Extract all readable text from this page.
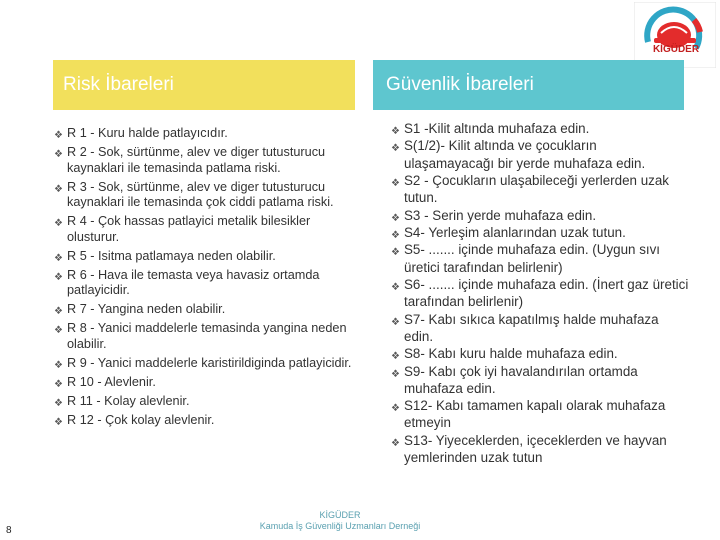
KİGÜDER
Risk İbareleri	Güvenlik İbareleri
❖ R 1 - Kuru halde patlayıcıdır.
❖ R 2 - Sok, sürtünme, alev ve diger tutusturucu kaynaklari ile temasinda patlama riski.
❖ R 3 - Sok, sürtünme, alev ve diger tutusturucu kaynaklari ile temasinda çok ciddi patlama riski.
❖ R 4 - Çok hassas patlayici metalik bilesikler olusturur.
❖ R 5 - Isitma patlamaya neden olabilir.
❖ R 6 - Hava ile temasta veya havasiz ortamda patlayicidir.
❖ R 7 - Yangina neden olabilir.
❖ R 8 - Yanici maddelerle temasinda yangina neden olabilir.
❖ R 9 - Yanici maddelerle karistirildiginda patlayicidir.
❖ R 10 - Alevlenir.
❖ R 11 - Kolay alevlenir.
❖ R 12 - Çok kolay alevlenir.
❖ S1 -Kilit altında muhafaza edin.
❖ S(1/2)- Kilit altında ve çocukların ulaşamayacağı bir yerde muhafaza edin.
❖ S2 - Çocukların ulaşabileceği yerlerden uzak tutun.
❖ S3 - Serin yerde muhafaza edin.
❖ S4- Yerleşim alanlarından uzak tutun.
❖ S5- ....... içinde muhafaza edin. (Uygun sıvı üretici tarafından belirlenir)
❖ S6- ....... içinde muhafaza edin. (İnert gaz üretici tarafından belirlenir)
❖ S7- Kabı sıkıca kapatılmış halde muhafaza edin.
❖ S8- Kabı kuru halde muhafaza edin.
❖ S9- Kabı çok iyi havalandırılan ortamda muhafaza edin.
❖ S12- Kabı tamamen kapalı olarak muhafaza etmeyin
❖ S13- Yiyeceklerden, içeceklerden ve hayvan yemlerinden uzak tutun
8
KİGÜDER
Kamuda İş Güvenliği Uzmanları Derneği
